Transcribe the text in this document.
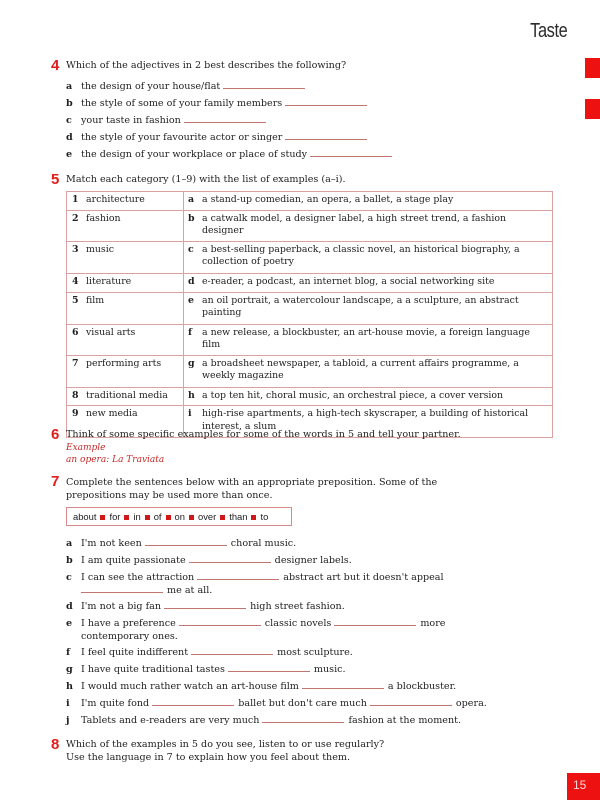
Taste
15
4 Which of the adjectives in 2 best describes the following?
a the design of your house/flat
b the style of some of your family members
c your taste in fashion
d the style of your favourite actor or singer
e the design of your workplace or place of study
5 Match each category (1–9) with the list of examples (a–i).
1 architecture	a a stand-up comedian, an opera, a ballet, a stage play
2 fashion	b a catwalk model, a designer label, a high street trend, a fashion designer
3 music	c a best-selling paperback, a classic novel, an historical biography, a collection of poetry
4 literature	d e-reader, a podcast, an internet blog, a social networking site
5 film	e an oil portrait, a watercolour landscape, a a sculpture, an abstract painting
6 visual arts	f a new release, a blockbuster, an art-house movie, a foreign language film
7 performing arts	g a broadsheet newspaper, a tabloid, a current affairs programme, a weekly magazine
8 traditional media	h a top ten hit, choral music, an orchestral piece, a cover version
9 new media	i high-rise apartments, a high-tech skyscraper, a building of historical interest, a slum
6 Think of some specific examples for some of the words in 5 and tell your partner.
Example
an opera: La Traviata
7 Complete the sentences below with an appropriate preposition. Some of the
prepositions may be used more than once.
about for in of on over than to
a I'm not keen	choral music.
b I am quite passionate	designer labels.
c I can see the attraction	abstract art but it doesn't appeal
me at all.
d I'm not a big fan	high street fashion.
e I have a preference	classic novels	more
contemporary ones.
f I feel quite indifferent	most sculpture.
g I have quite traditional tastes	music.
h I would much rather watch an art-house film	a blockbuster.
i I'm quite fond	ballet but don't care much	opera.
j Tablets and e-readers are very much	fashion at the moment.
8 Which of the examples in 5 do you see, listen to or use regularly?
Use the language in 7 to explain how you feel about them.
